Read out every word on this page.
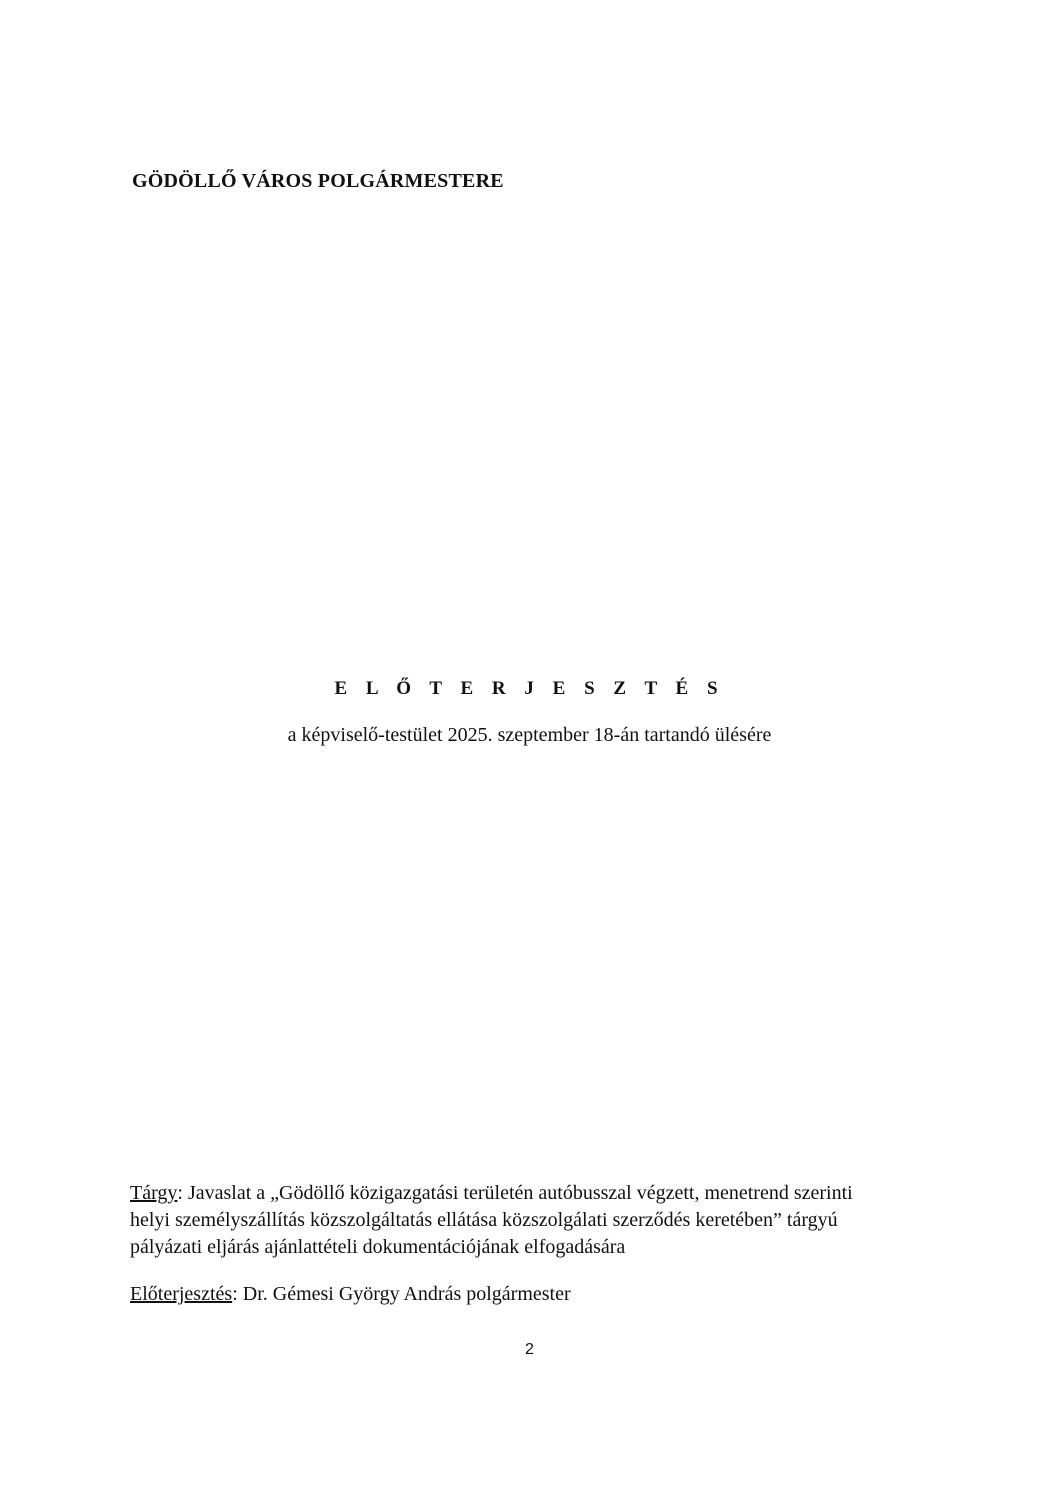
GÖDÖLLŐ VÁROS POLGÁRMESTERE
E L Ő T E R J E S Z T É S
a képviselő-testület 2025. szeptember 18-án tartandó ülésére
Tárgy: Javaslat a „Gödöllő közigazgatási területén autóbusszal végzett, menetrend szerinti
helyi személyszállítás közszolgáltatás ellátása közszolgálati szerződés keretében” tárgyú
pályázati eljárás ajánlattételi dokumentációjának elfogadására
Előterjesztés: Dr. Gémesi György András polgármester
2
